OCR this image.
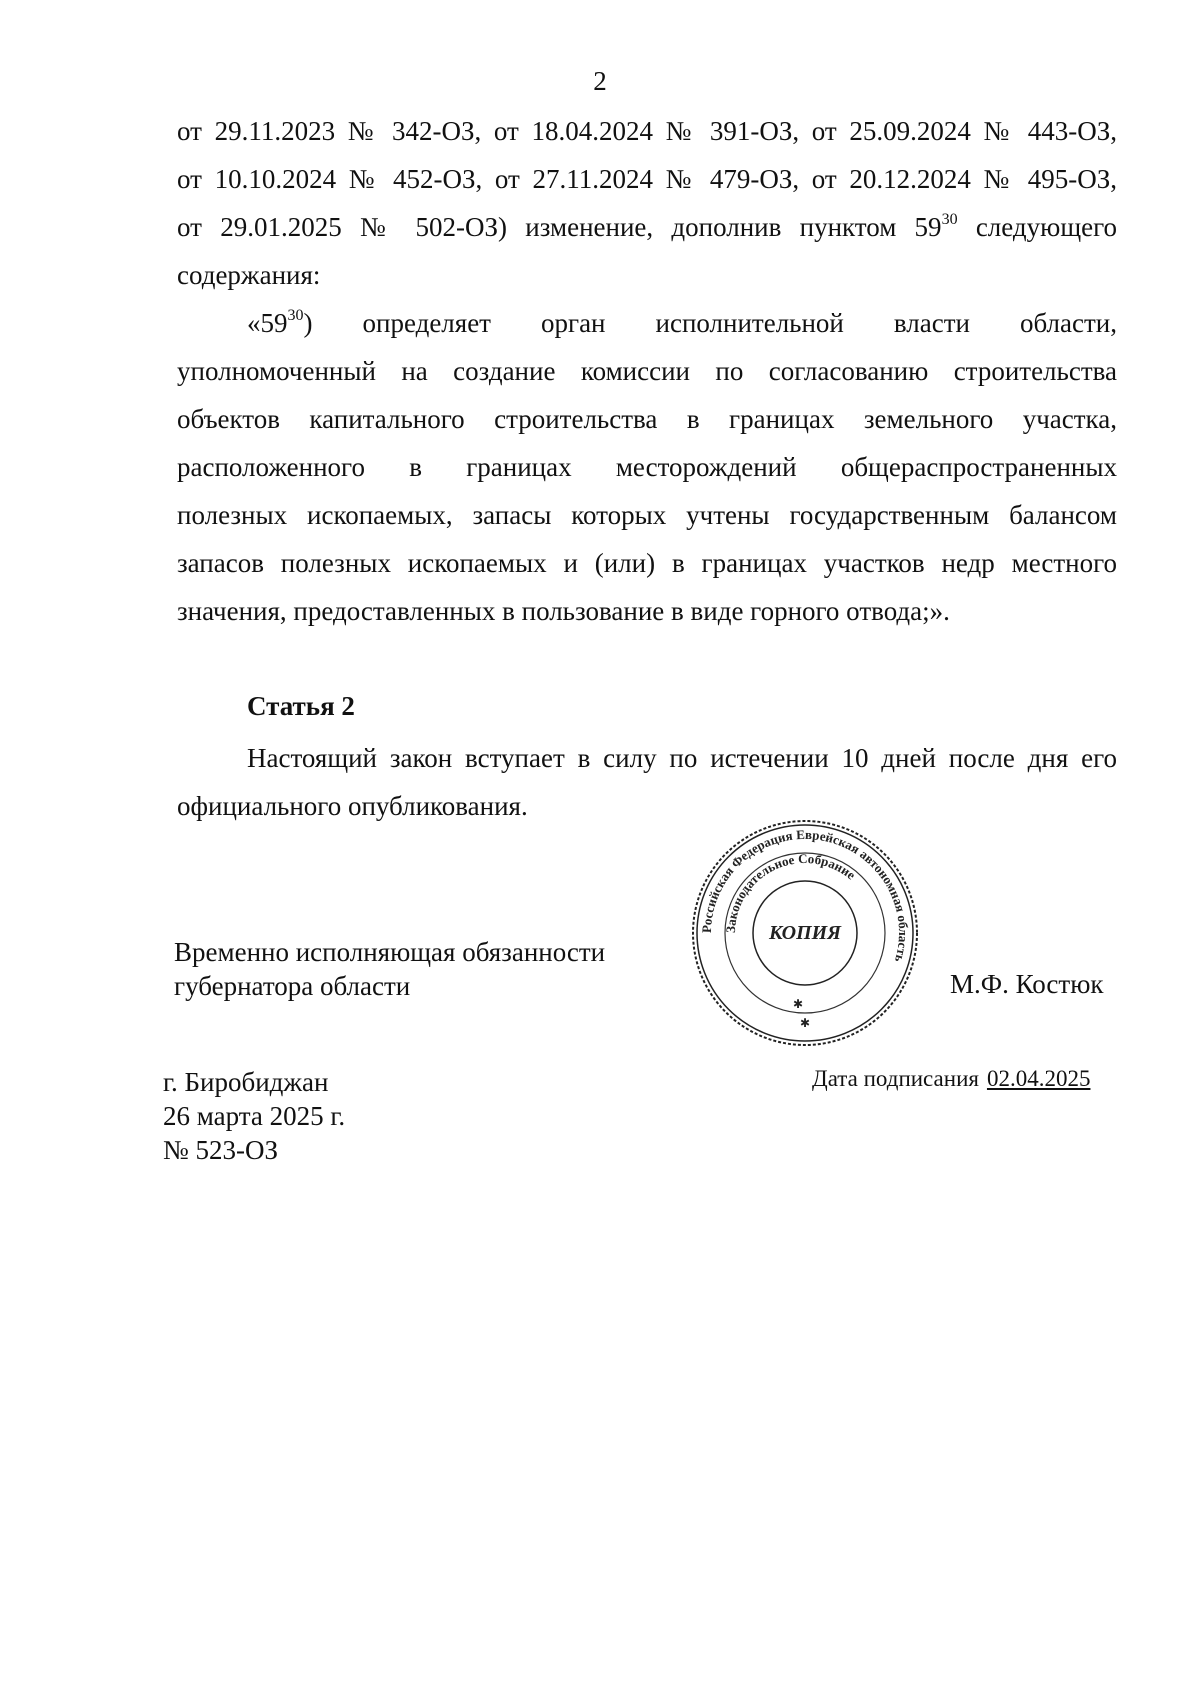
2
от 29.11.2023 № 342-ОЗ, от 18.04.2024 № 391-ОЗ, от 25.09.2024 № 443-ОЗ,
от 10.10.2024 № 452-ОЗ, от 27.11.2024 № 479-ОЗ, от 20.12.2024 № 495-ОЗ,
от 29.01.2025 № 502-ОЗ) изменение, дополнив пунктом $59^{30}$ следующего
содержания:
«$59^{30}$) определяет орган исполнительной власти области,
уполномоченный на создание комиссии по согласованию строительства
объектов капитального строительства в границах земельного участка,
расположенного в границах месторождений общераспространенных
полезных ископаемых, запасы которых учтены государственным балансом
запасов полезных ископаемых и (или) в границах участков недр местного
значения, предоставленных в пользование в виде горного отвода;».
Статья 2
Настоящий закон вступает в силу по истечении 10 дней после дня его
официального опубликования.
Российская Федерация Еврейская автономная область
Законодательное Собрание
КОПИЯ
✱
✱
Временно исполняющая обязанности
губернатора области	М.Ф. Костюк
г. Биробиджан
26 марта 2025 г.
№ 523-ОЗ
Дата подписания 02.04.2025
